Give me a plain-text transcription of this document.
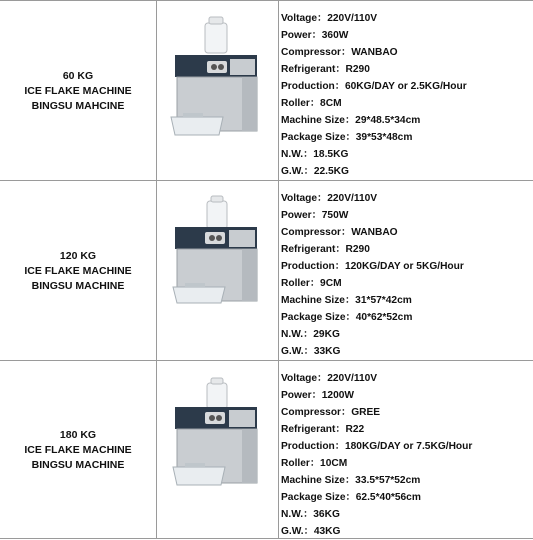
60 KG
ICE FLAKE MACHINE
BINGSU MAHCINE
Voltage：220V/110V
Power：360W
Compressor：WANBAO
Refrigerant：R290
Production：60KG/DAY or 2.5KG/Hour
Roller：8CM
Machine Size：29*48.5*34cm
Package Size：39*53*48cm
N.W.：18.5KG
G.W.：22.5KG
120 KG
ICE FLAKE MACHINE
BINGSU MACHINE
Voltage：220V/110V
Power：750W
Compressor：WANBAO
Refrigerant：R290
Production：120KG/DAY or 5KG/Hour
Roller：9CM
Machine Size：31*57*42cm
Package Size：40*62*52cm
N.W.：29KG
G.W.：33KG
180 KG
ICE FLAKE MACHINE
BINGSU MACHINE
Voltage：220V/110V
Power：1200W
Compressor：GREE
Refrigerant：R22
Production：180KG/DAY or 7.5KG/Hour
Roller：10CM
Machine Size：33.5*57*52cm
Package Size：62.5*40*56cm
N.W.：36KG
G.W.：43KG
